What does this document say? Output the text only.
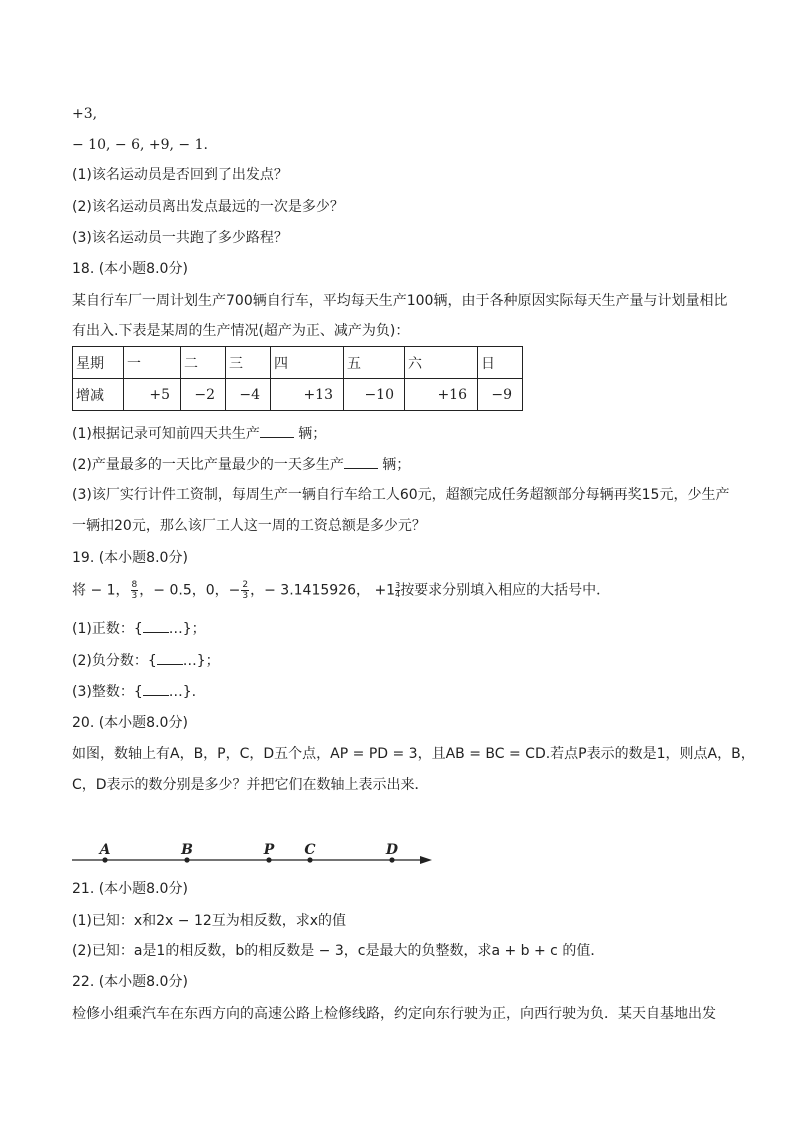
+3,
− 10, − 6, +9, − 1.
(1)该名运动员是否回到了出发点？
(2)该名运动员离出发点最远的一次是多少？
(3)该名运动员一共跑了多少路程？
18. (本小题8.0分)
某自行车厂一周计划生产700辆自行车，平均每天生产100辆，由于各种原因实际每天生产量与计划量相比
有出入.下表是某周的生产情况(超产为正、减产为负)：
星期	一	二	三	四	五	六	日
增减	+5	−2	−4	+13	−10	+16	−9
(1)根据记录可知前四天共生产	辆；
(2)产量最多的一天比产量最少的一天多生产	辆；
(3)该厂实行计件工资制，每周生产一辆自行车给工人60元，超额完成任务超额部分每辆再奖15元，少生产
一辆扣20元，那么该厂工人这一周的工资总额是多少元？
19. (本小题8.0分)
将 − 1， $\frac{8}{3}$ ，− 0.5，0，− $\frac{2}{3}$ ，− 3.1415926， $+1 \frac{3}{4}$ 按要求分别填入相应的大括号中．
(1)正数：{ …}；
(2)负分数：{ …}；
(3)整数：{ …}.
20. (本小题8.0分)
如图，数轴上有A，B，P，C，D五个点，AP = PD = 3，且AB = BC = CD.若点P表示的数是1，则点A，B，
C，D表示的数分别是多少？并把它们在数轴上表示出来．
A	B	P C	D
21. (本小题8.0分)
(1)已知：x和2x − 12互为相反数，求x的值
(2)已知：a是1的相反数，b的相反数是 − 3，c是最大的负整数，求a + b + c 的值．
22. (本小题8.0分)
检修小组乘汽车在东西方向的高速公路上检修线路，约定向东行驶为正，向西行驶为负．某天自基地出发
